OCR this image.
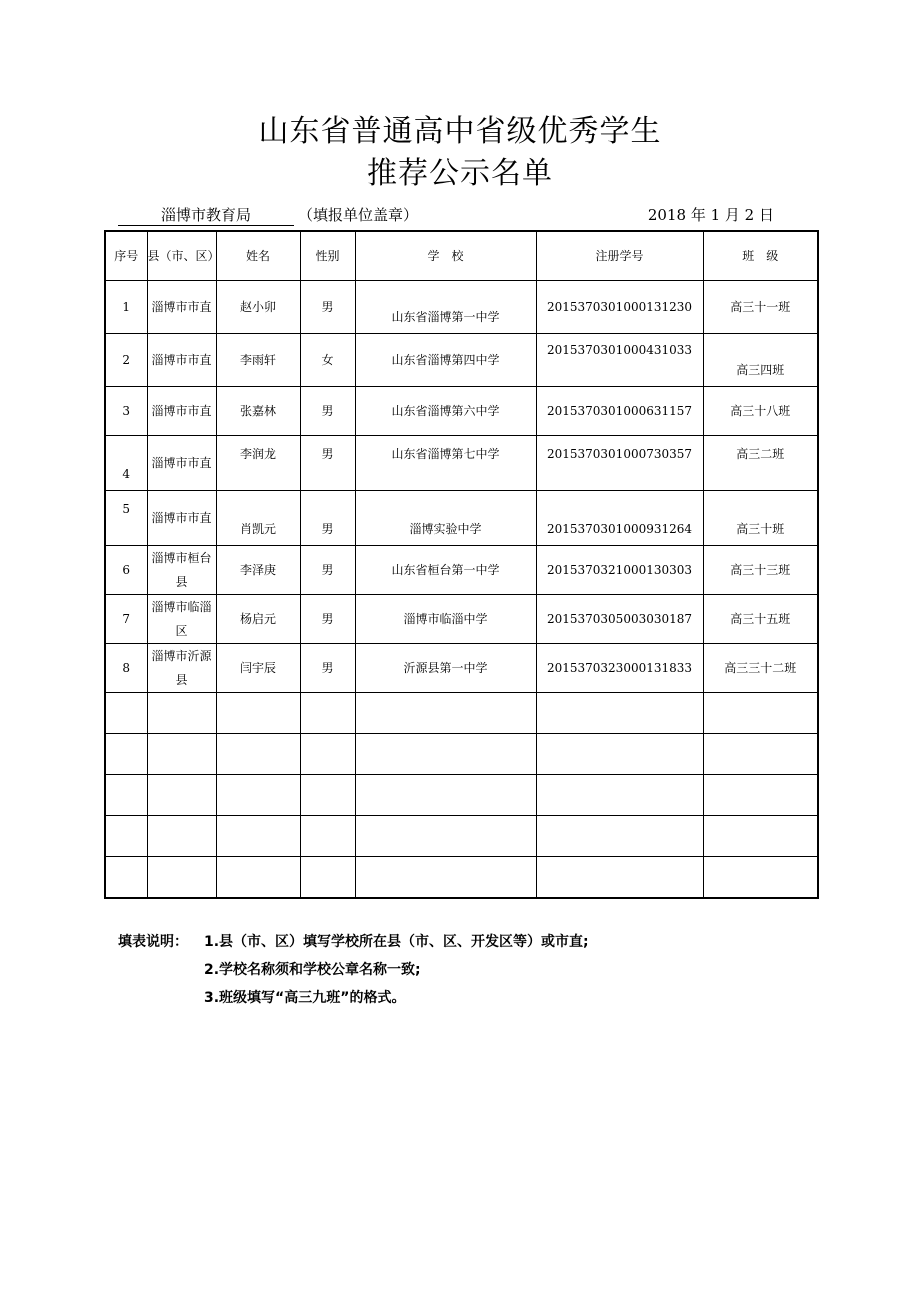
山东省普通高中省级优秀学生
推荐公示名单
淄博市教育局	（填报单位盖章）	2018 年 1 月 2 日
序号	县（市、区）	姓名	性别	学　校	注册学号	班　级
1	淄博市市直	赵小卯	男	山东省淄博第一中学	2015370301000131230	高三十一班
2	淄博市市直	李雨轩	女	山东省淄博第四中学	2015370301000431033	高三四班
3	淄博市市直	张嘉林	男	山东省淄博第六中学	2015370301000631157	高三十八班
4	淄博市市直	李润龙	男	山东省淄博第七中学	2015370301000730357	高三二班
5	淄博市市直	肖凯元	男	淄博实验中学	2015370301000931264	高三十班
6	淄博市桓台县	李泽庚	男	山东省桓台第一中学	2015370321000130303	高三十三班
7	淄博市临淄区	杨启元	男	淄博市临淄中学	2015370305003030187	高三十五班
8	淄博市沂源县	闫宇辰	男	沂源县第一中学	2015370323000131833	高三三十二班

填表说明： 1.县（市、区）填写学校所在县（市、区、开发区等）或市直;
2.学校名称须和学校公章名称一致;
3.班级填写“高三九班”的格式。
